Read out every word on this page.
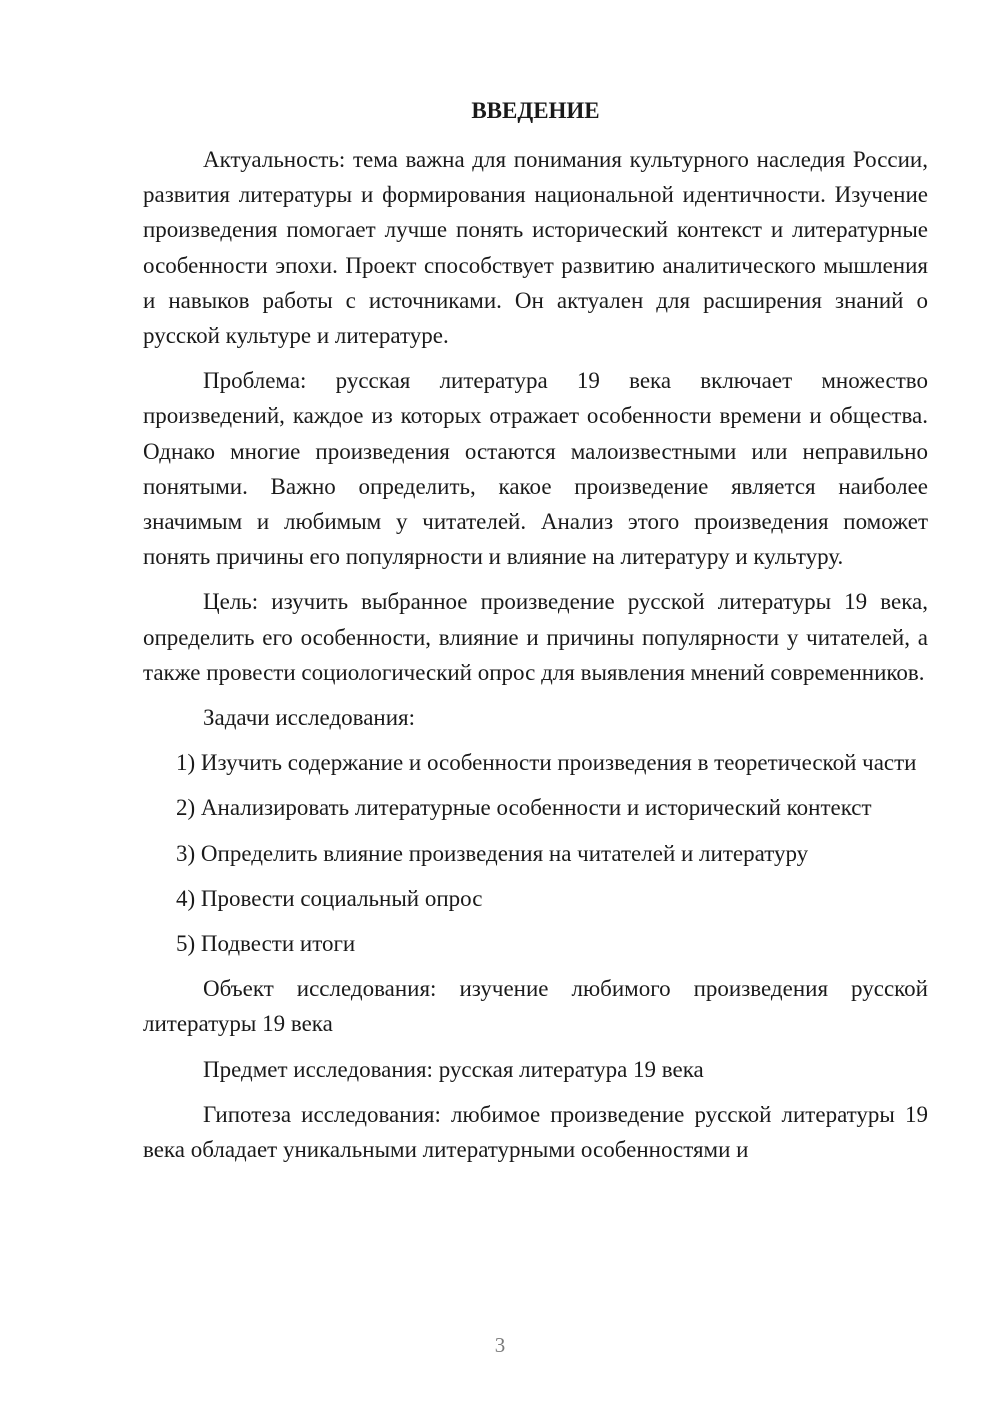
ВВЕДЕНИЕ

Актуальность: тема важна для понимания культурного наследия России, развития литературы и формирования национальной идентичности. Изучение произведения помогает лучше понять исторический контекст и литературные особенности эпохи. Проект способствует развитию аналитического мышления и навыков работы с источниками. Он актуален для расширения знаний о русской культуре и литературе.

Проблема: русская литература 19 века включает множество произведений, каждое из которых отражает особенности времени и общества. Однако многие произведения остаются малоизвестными или неправильно понятыми. Важно определить, какое произведение является наиболее значимым и любимым у читателей. Анализ этого произведения поможет понять причины его популярности и влияние на литературу и культуру.

Цель: изучить выбранное произведение русской литературы 19 века, определить его особенности, влияние и причины популярности у читателей, а также провести социологический опрос для выявления мнений современников.

Задачи исследования:

1) Изучить содержание и особенности произведения в теоретической части

2) Анализировать литературные особенности и исторический контекст

3) Определить влияние произведения на читателей и литературу

4) Провести социальный опрос

5) Подвести итоги

Объект исследования: изучение любимого произведения русской литературы 19 века

Предмет исследования: русская литература 19 века

Гипотеза исследования: любимое произведение русской литературы 19 века обладает уникальными литературными особенностями и

3
